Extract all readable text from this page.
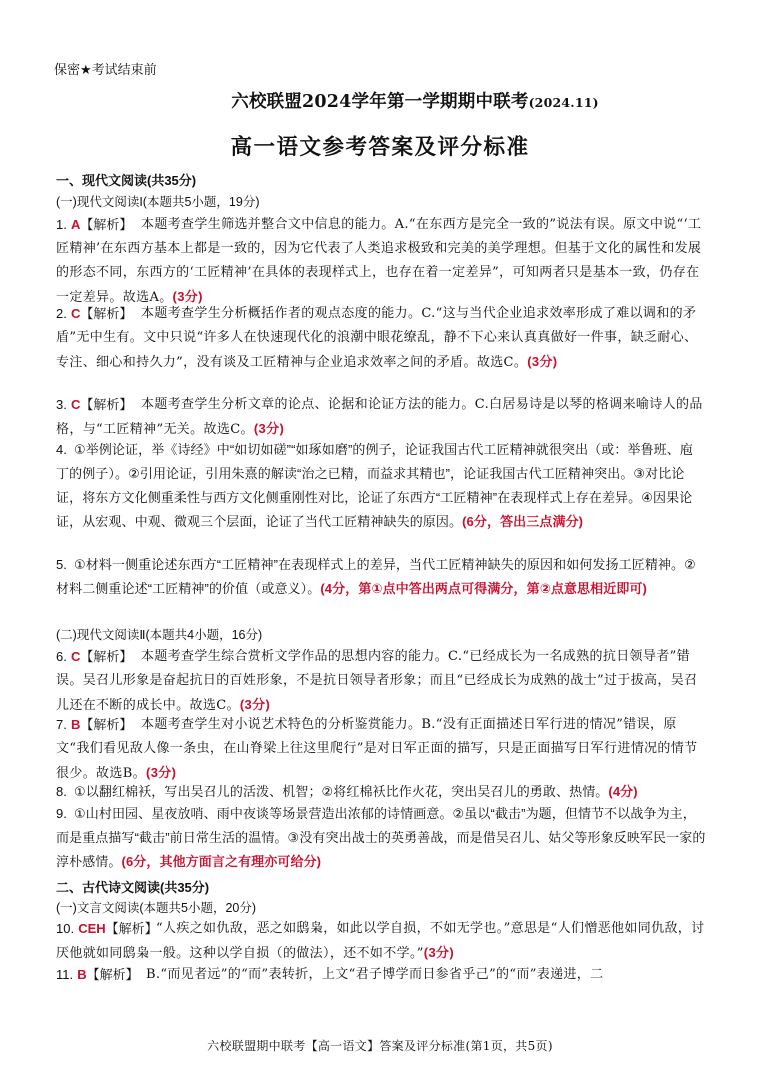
保密★考试结束前
六校联盟2024学年第一学期期中联考(2024.11)
高一语文参考答案及评分标准
一、现代文阅读(共35分)
(一)现代文阅读I(本题共5小题，19分)
1. A【解析】 本题考查学生筛选并整合文中信息的能力。A.“在东西方是完全一致的”说法有误。原文中说“‘工匠精神’在东西方基本上都是一致的，因为它代表了人类追求极致和完美的美学理想。但基于文化的属性和发展的形态不同，东西方的‘工匠精神’在具体的表现样式上，也存在着一定差异”，可知两者只是基本一致，仍存在一定差异。故选A。(3分)
2. C【解析】 本题考查学生分析概括作者的观点态度的能力。C.“这与当代企业追求效率形成了难以调和的矛盾”无中生有。文中只说“许多人在快速现代化的浪潮中眼花缭乱，静不下心来认真真做好一件事，缺乏耐心、专注、细心和持久力”，没有谈及工匠精神与企业追求效率之间的矛盾。故选C。(3分)
3. C【解析】 本题考查学生分析文章的论点、论据和论证方法的能力。C.白居易诗是以琴的格调来喻诗人的品格，与“工匠精神”无关。故选C。(3分)
4. ①举例论证，举《诗经》中“如切如磋”“如琢如磨”的例子，论证我国古代工匠精神就很突出（或：举鲁班、庖丁的例子）。②引用论证，引用朱熹的解读“治之已精，而益求其精也”，论证我国古代工匠精神突出。③对比论证，将东方文化侧重柔性与西方文化侧重刚性对比，论证了东西方“工匠精神”在表现样式上存在差异。④因果论证，从宏观、中观、微观三个层面，论证了当代工匠精神缺失的原因。(6分，答出三点满分)
5. ①材料一侧重论述东西方“工匠精神”在表现样式上的差异，当代工匠精神缺失的原因和如何发扬工匠精神。②材料二侧重论述“工匠精神”的价值（或意义）。(4分，第①点中答出两点可得满分，第②点意思相近即可)
(二)现代文阅读Ⅱ(本题共4小题，16分)
6. C【解析】 本题考查学生综合赏析文学作品的思想内容的能力。C.“已经成长为一名成熟的抗日领导者”错误。吴召儿形象是奋起抗日的百姓形象，不是抗日领导者形象；而且“已经成长为成熟的战士”过于拔高，吴召儿还在不断的成长中。故选C。(3分)
7. B【解析】 本题考查学生对小说艺术特色的分析鉴赏能力。B.“没有正面描述日军行进的情况”错误，原文“我们看见敌人像一条虫，在山脊梁上往这里爬行”是对日军正面的描写，只是正面描写日军行进情况的情节很少。故选B。(3分)
8. ①以翻红棉袄，写出吴召儿的活泼、机智；②将红棉袄比作火花，突出吴召儿的勇敢、热情。(4分)
9. ①山村田园、星夜放哨、雨中夜谈等场景营造出浓郁的诗情画意。②虽以“截击”为题，但情节不以战争为主，而是重点描写“截击”前日常生活的温情。③没有突出战士的英勇善战，而是借吴召儿、姑父等形象反映军民一家的淳朴感情。(6分，其他方面言之有理亦可给分)
二、古代诗文阅读(共35分)
(一)文言文阅读(本题共5小题，20分)
10. CEH【解析】
“人疾之如仇敌，恶之如鸱枭，如此以学自损，不如无学也。”意思是“人们憎恶他如同仇敌，讨厌他就如同鸱枭一般。这种以学自损（的做法），还不如不学。”(3分)
11. B【解析】 B.“而见者远”的“而”表转折，上文“君子博学而日参省乎己”的“而”表递进，二
六校联盟期中联考【高一语文】答案及评分标准(第1页，共5页)
